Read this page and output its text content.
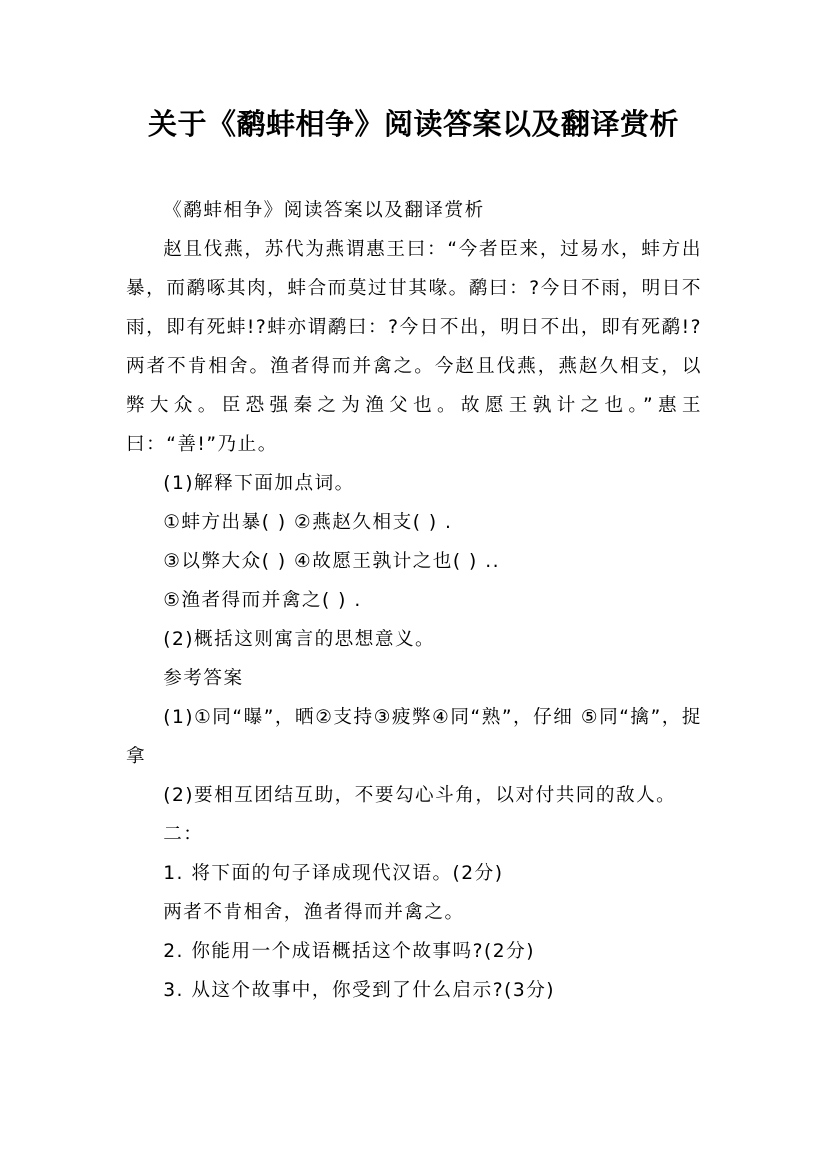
关于《鹬蚌相争》阅读答案以及翻译赏析

《鹬蚌相争》阅读答案以及翻译赏析

赵且伐燕，苏代为燕谓惠王曰：“今者臣来，过易水，蚌方出暴，而鹬啄其肉，蚌合而莫过甘其喙。鹬曰：?今日不雨，明日不雨，即有死蚌!?蚌亦谓鹬曰：?今日不出，明日不出，即有死鹬!?两者不肯相舍。渔者得而并禽之。今赵且伐燕，燕赵久相支，以弊大众。臣恐强秦之为渔父也。故愿王孰计之也。”惠王曰：“善!”乃止。

(1)解释下面加点词。

①蚌方出暴( ) ②燕赵久相支( ) .

③以弊大众( ) ④故愿王孰计之也( ) ..

⑤渔者得而并禽之( ) .

(2)概括这则寓言的思想意义。

参考答案

(1)①同“曝”，晒②支持③疲弊④同“熟”，仔细 ⑤同“擒”，捉拿

(2)要相互团结互助，不要勾心斗角，以对付共同的敌人。

二：

1. 将下面的句子译成现代汉语。(2分)

两者不肯相舍，渔者得而并禽之。

2. 你能用一个成语概括这个故事吗?(2分)

3. 从这个故事中，你受到了什么启示?(3分)
